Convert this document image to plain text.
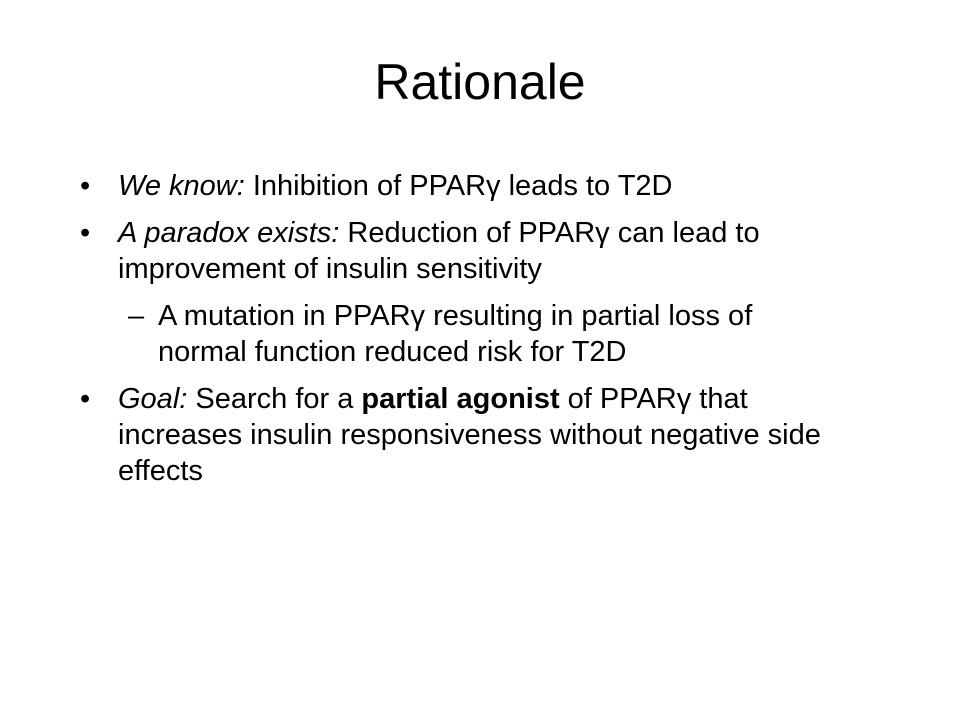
Rationale

• We know: Inhibition of PPARγ leads to T2D

• A paradox exists: Reduction of PPARγ can lead to improvement of insulin sensitivity

– A mutation in PPARγ resulting in partial loss of normal function reduced risk for T2D

• Goal: Search for a partial agonist of PPARγ that increases insulin responsiveness without negative side effects
